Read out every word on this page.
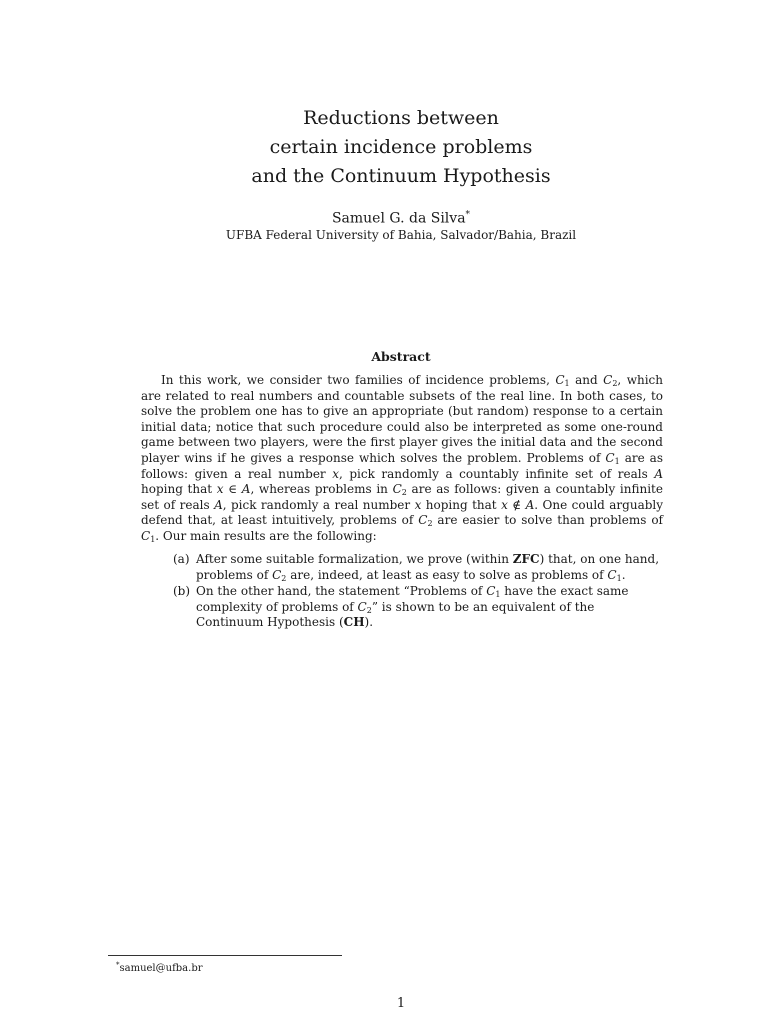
Reductions between
certain incidence problems
and the Continuum Hypothesis
Samuel G. da Silva*
UFBA Federal University of Bahia, Salvador/Bahia, Brazil
Abstract

In this work, we consider two families of incidence problems, $C_1$ and $C_2$, which are related to real numbers and countable subsets of the real line. In both cases, to solve the problem one has to give an appropriate (but random) response to a certain initial data; notice that such procedure could also be interpreted as some one-round game between two players, were the first player gives the initial data and the second player wins if he gives a response which solves the problem. Problems of $C_1$ are as follows: given a real number x, pick randomly a countably infinite set of reals A hoping that x ∈ A, whereas problems in $C_2$ are as follows: given a countably infinite set of reals A, pick randomly a real number x hoping that x ∉ A. One could arguably defend that, at least intuitively, problems of $C_2$ are easier to solve than problems of $C_1$. Our main results are the following:

(a) After some suitable formalization, we prove (within ZFC) that, on one hand, problems of $C_2$ are, indeed, at least as easy to solve as problems of $C_1$.
(b) On the other hand, the statement “Problems of $C_1$ have the exact same complexity of problems of $C_2$” is shown to be an equivalent of the Continuum Hypothesis (CH).
*samuel@ufba.br
1
